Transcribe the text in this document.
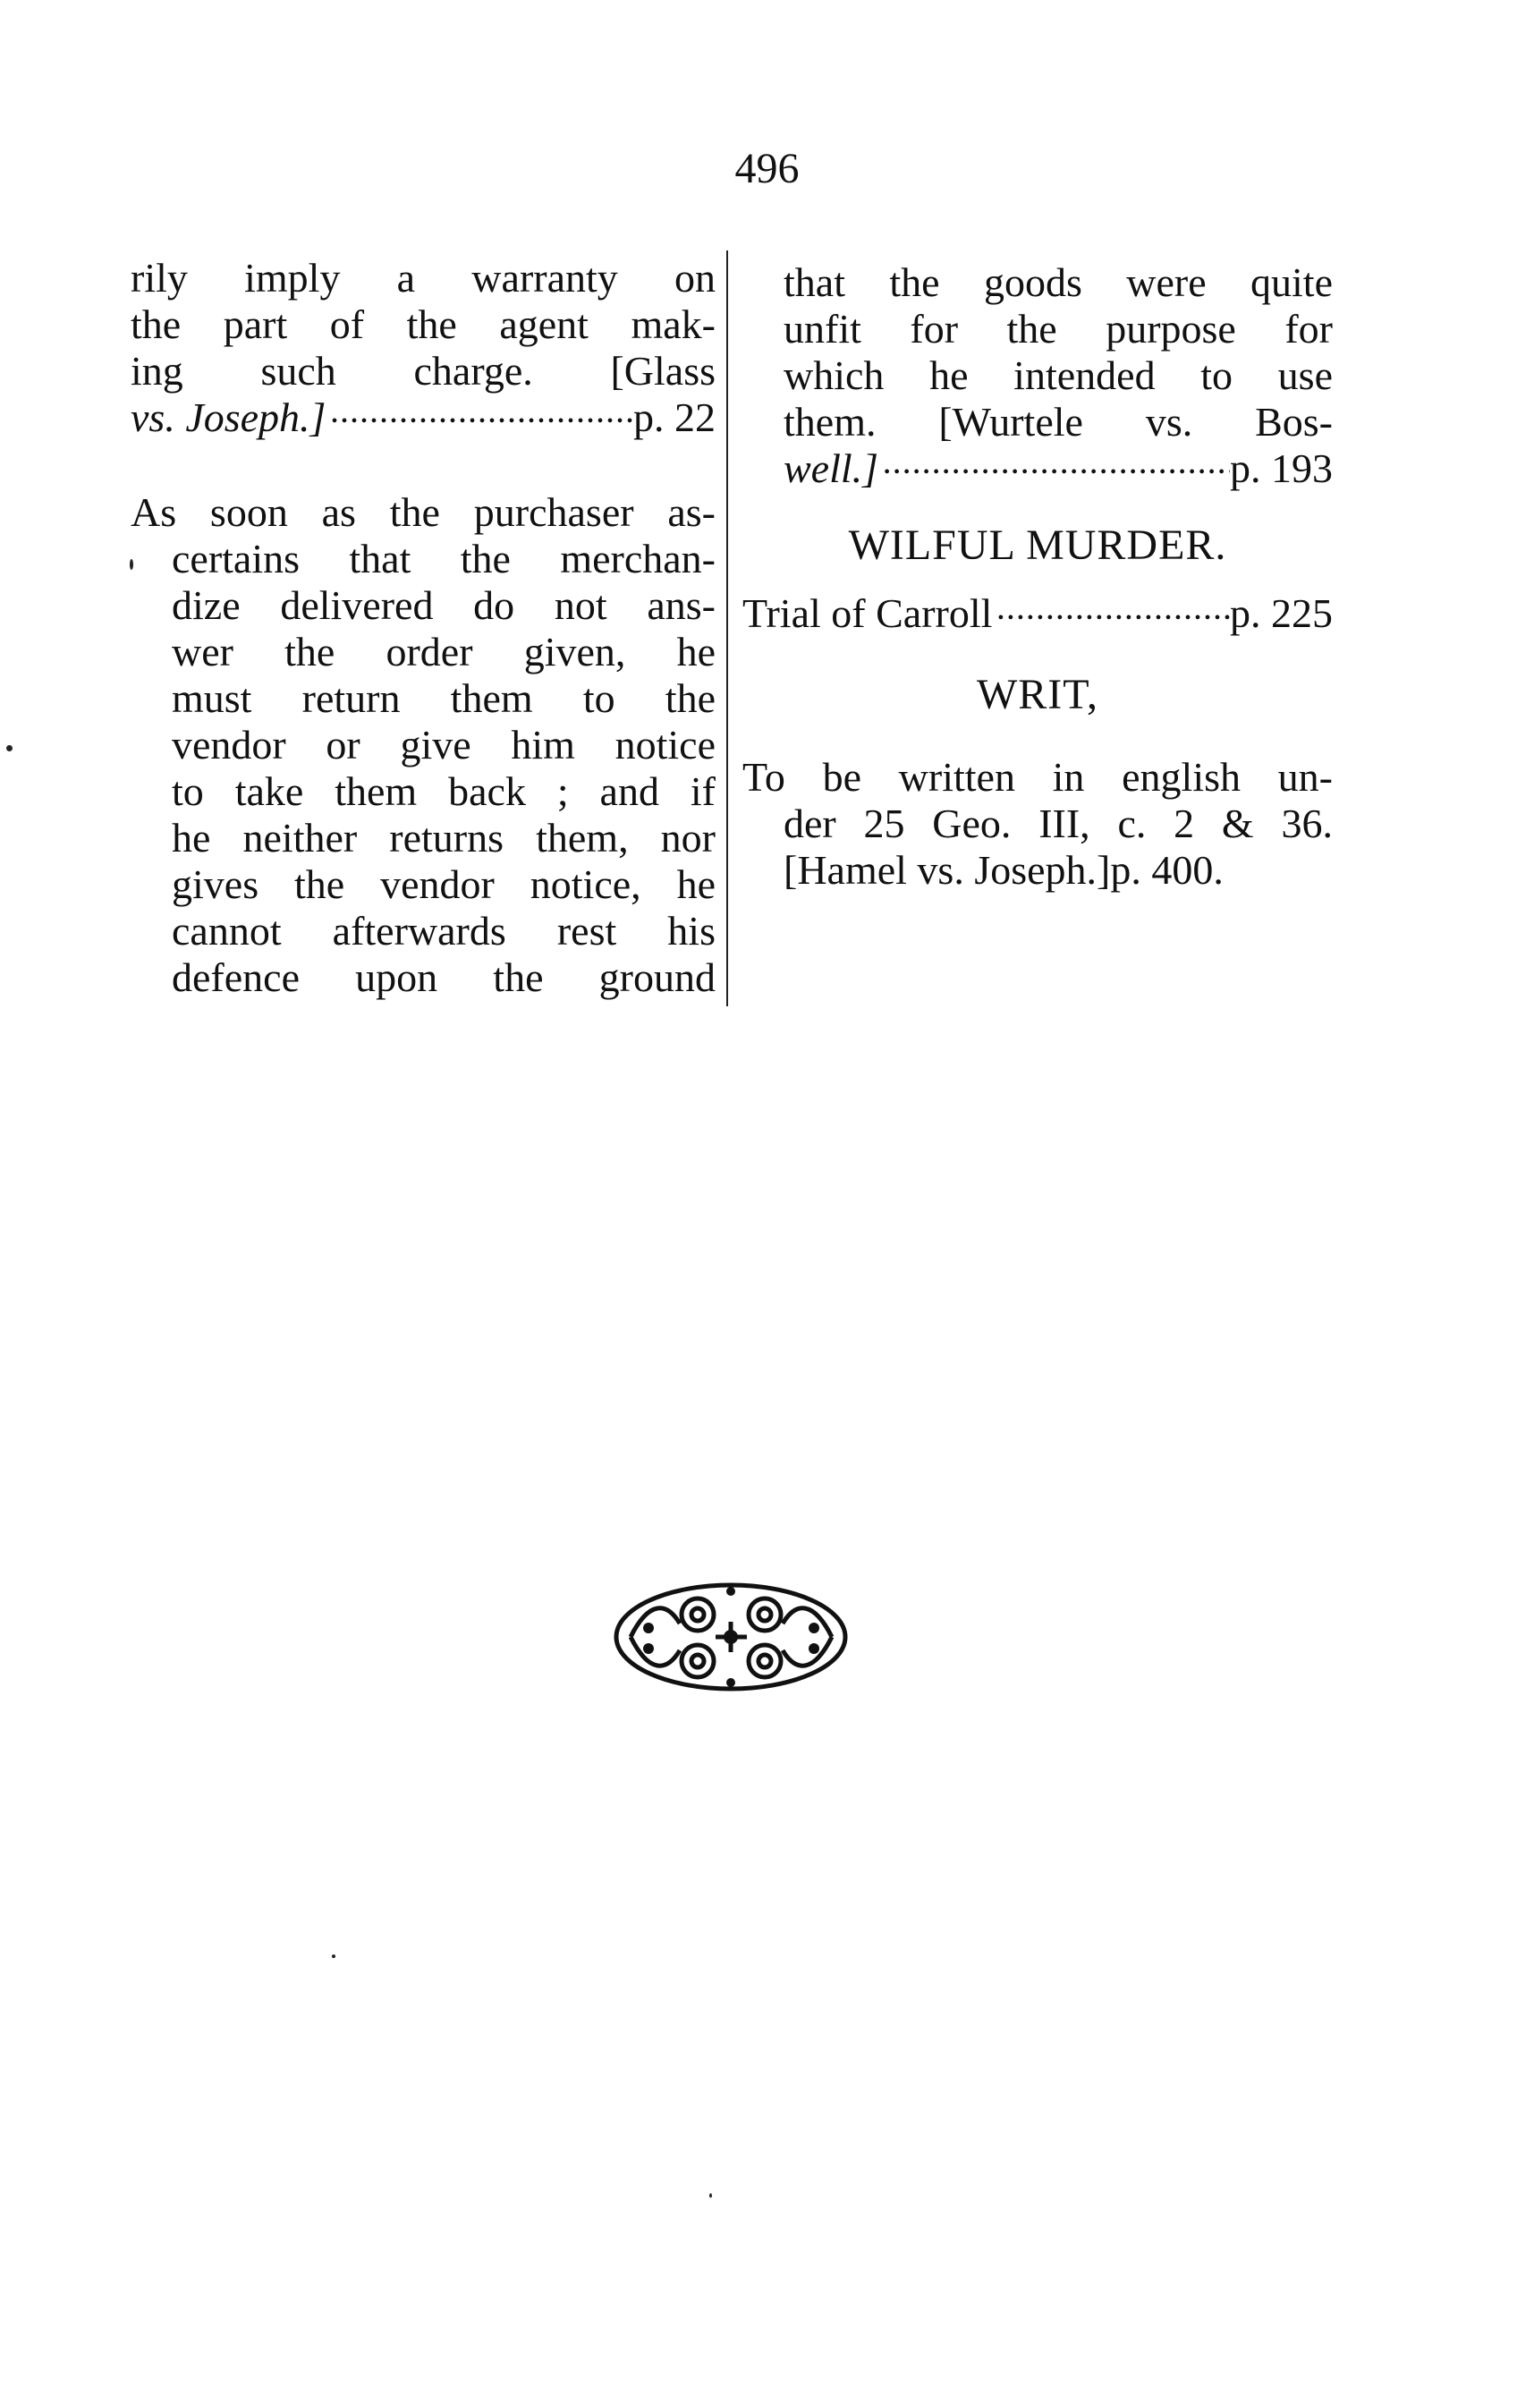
496
rily imply a warranty on
the part of the agent mak-
ing such charge. [Glass
vs. Joseph.] •••••	p. 22
As soon as the purchaser as-
certains that the merchan-
dize delivered do not ans-
wer the order given, he
must return them to the
vendor or give him notice
to take them back ; and if
he neither returns them, nor
gives the vendor notice, he
cannot afterwards rest his
defence upon the ground
that the goods were quite
unfit for the purpose for
which he intended to use
them. [Wurtele vs. Bos-
well.] •••••	p. 193
WILFUL MURDER.
Trial of Carroll •••••	p. 225
WRIT,
To be written in english un-
der 25 Geo. III, c. 2 & 36.
[Hamel vs. Joseph.]p. 400.
